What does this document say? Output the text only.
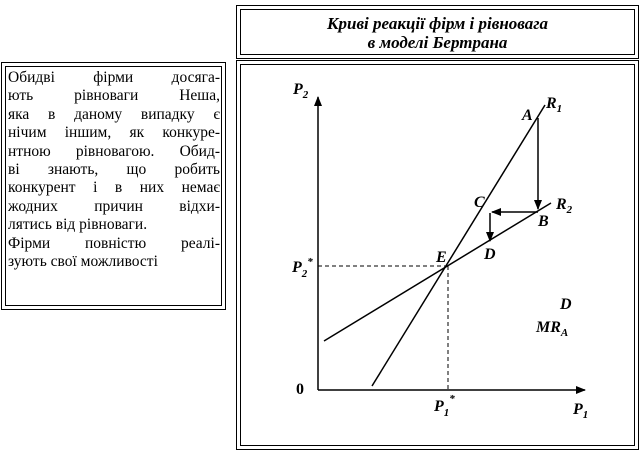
Криві реакції фірм і рівновага
в моделі Бертрана
Обидві фірми досяга-
ють рівноваги Неша,
яка в даному випадку є
нічим іншим, як конкуре-
нтною рівновагою. Обид-
ві знають, що робить
конкурент і в них немає
жодних причин відхи-
лятись від рівноваги.
Фірми повністю реалі-
зують свої можливості
$P_2$
$P_1$
0
$P_2^*$
$P_1^*$
$R_1$
$R_2$
A
B
C
D
E
D
$MR_A$
